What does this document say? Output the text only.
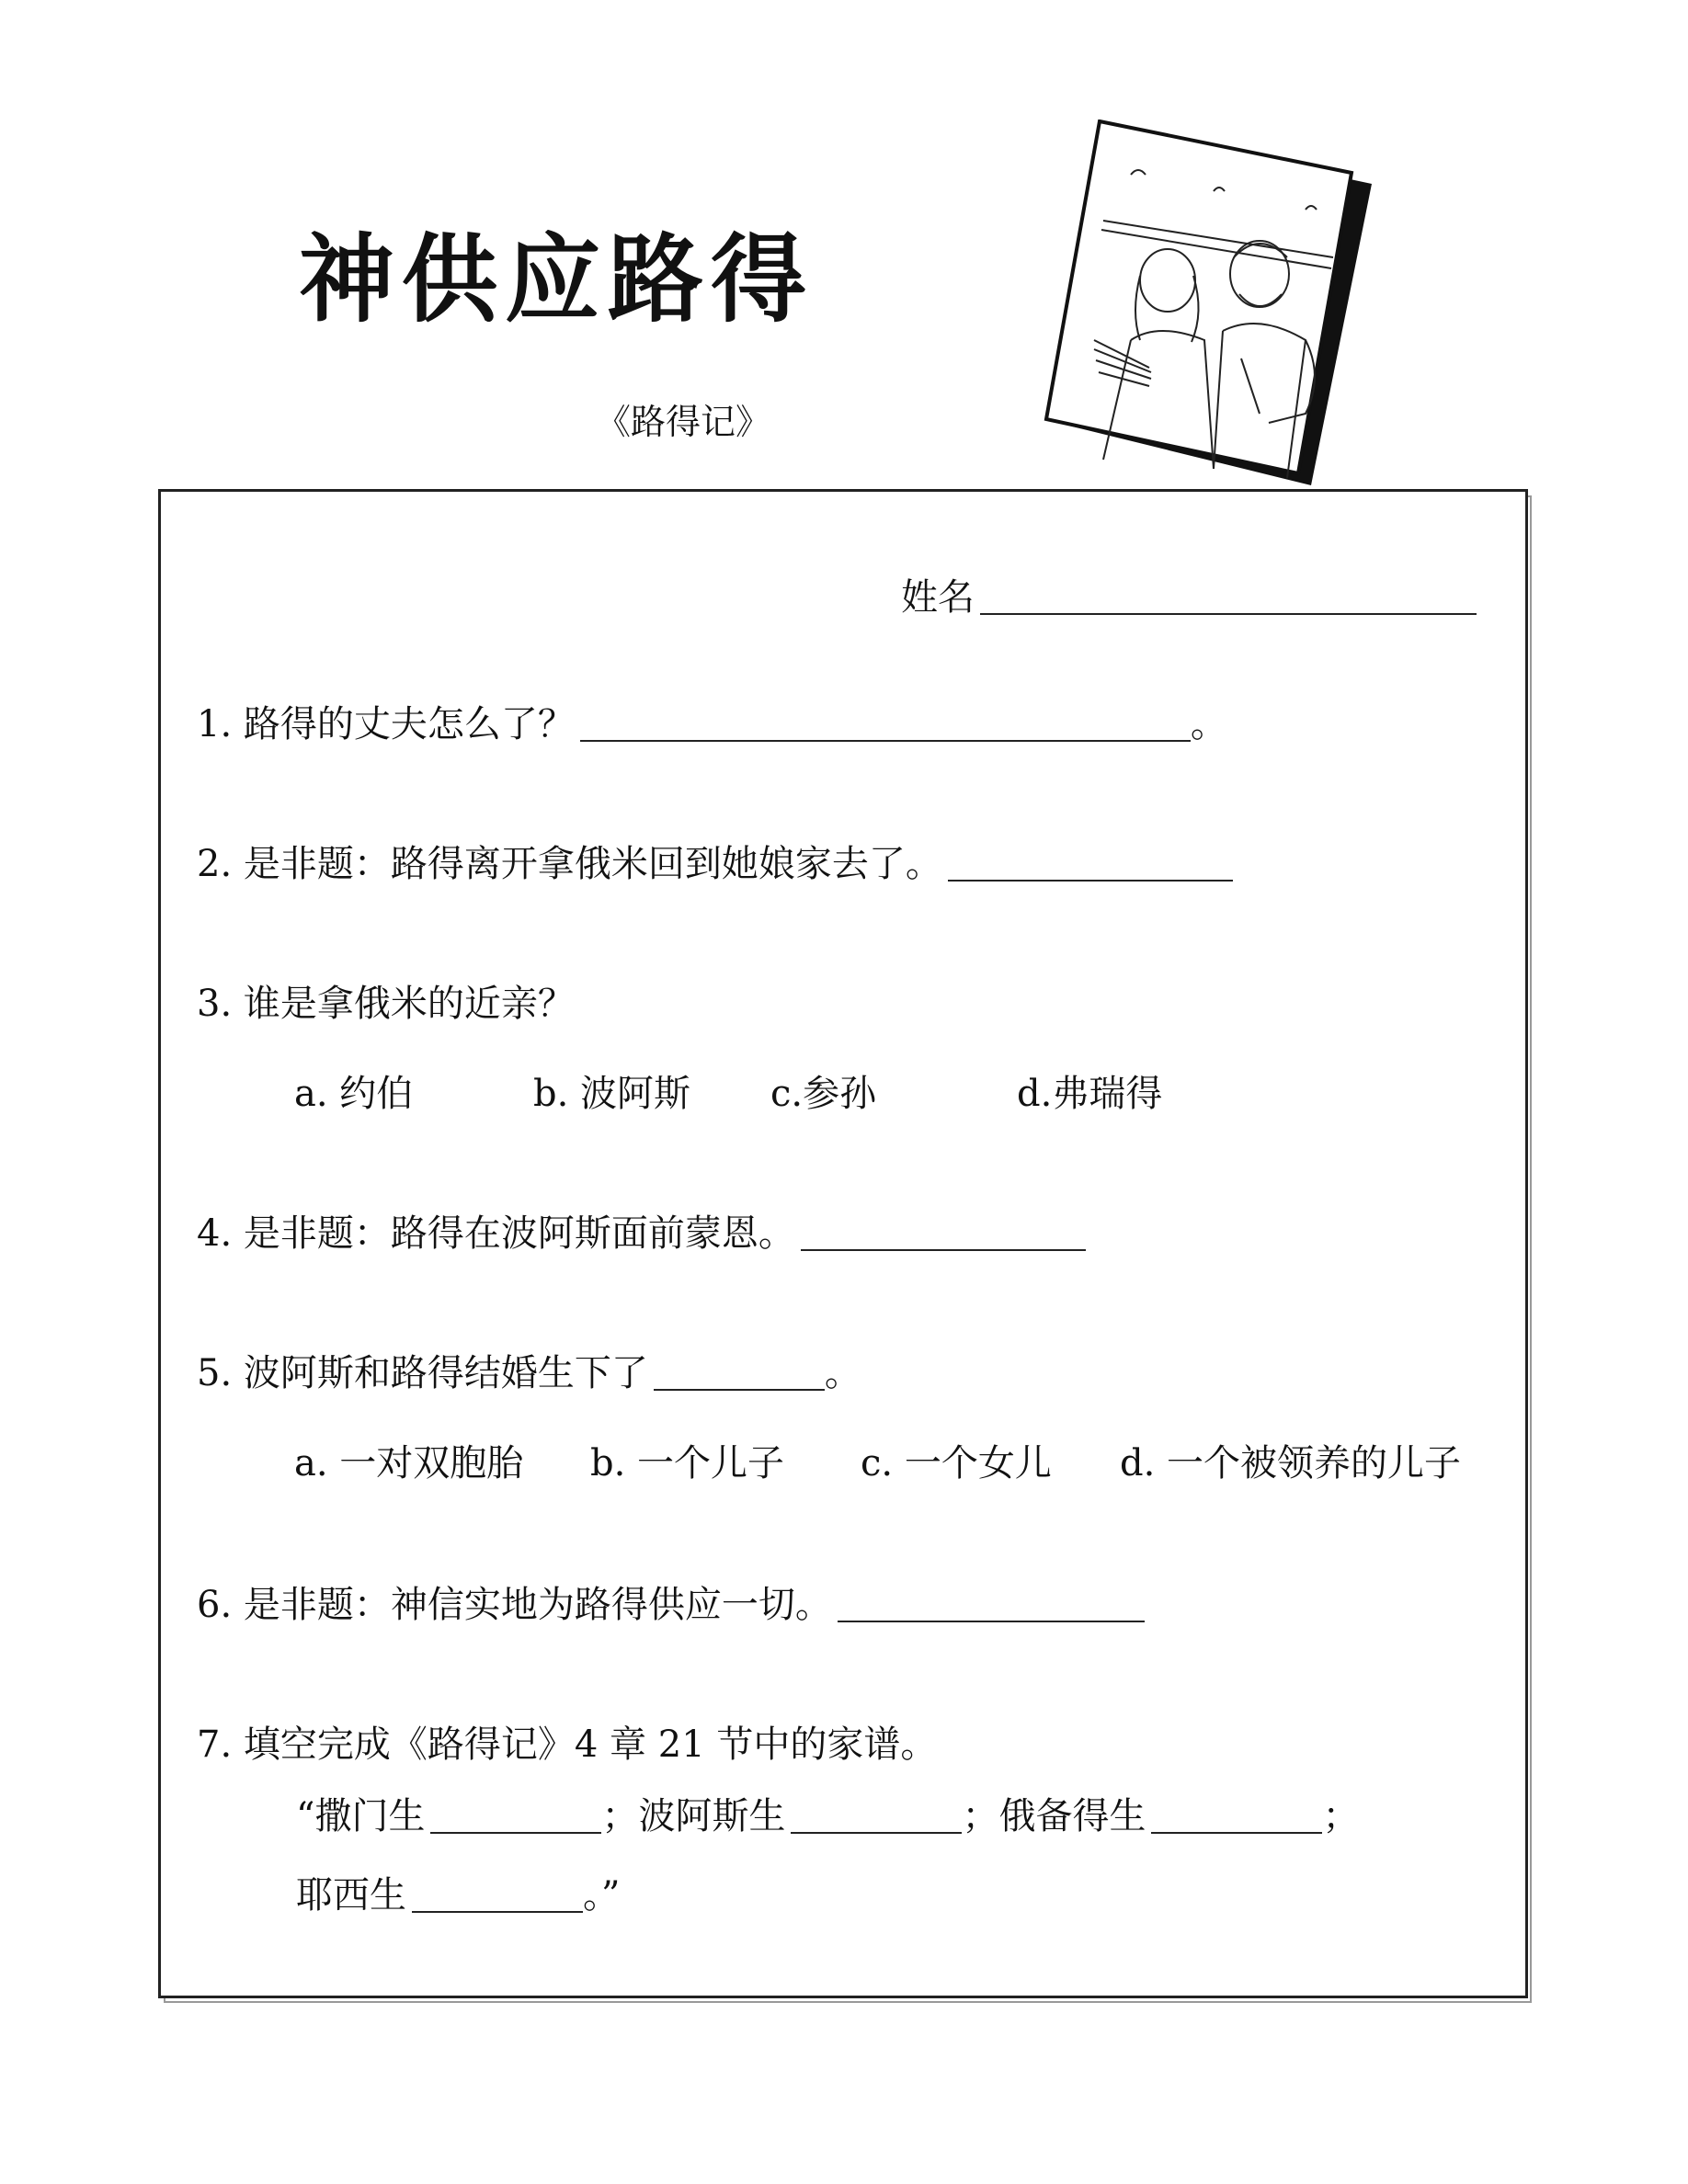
神供应路得
《路得记》
姓名
1. 路得的丈夫怎么了？	。
2. 是非题：路得离开拿俄米回到她娘家去了。
3. 谁是拿俄米的近亲？
a. 约伯	b. 波阿斯 c.参孙	d.弗瑞得
4. 是非题：路得在波阿斯面前蒙恩。
5. 波阿斯和路得结婚生下了	。
a. 一对双胞胎 b. 一个儿子 c. 一个女儿 d. 一个被领养的儿子
6. 是非题：神信实地为路得供应一切。
7. 填空完成《路得记》4 章 21 节中的家谱。
“撒门生	；波阿斯生	；俄备得生	；
耶西生	。”
